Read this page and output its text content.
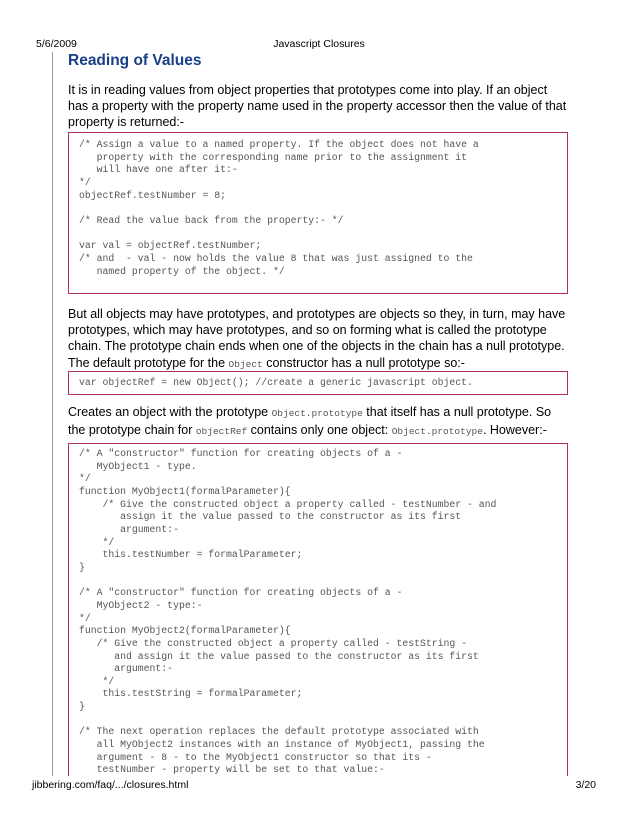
5/6/2009	Javascript Closures
Reading of Values

It is in reading values from object properties that prototypes come into play. If an object has a property with the property name used in the property accessor then the value of that property is returned:-

/* Assign a value to a named property. If the object does not have a
property with the corresponding name prior to the assignment it
will have one after it:-
*/
objectRef.testNumber = 8;

/* Read the value back from the property:- */

var val = objectRef.testNumber;
/* and  - val - now holds the value 8 that was just assigned to the
named property of the object. */

But all objects may have prototypes, and prototypes are objects so they, in turn, may have prototypes, which may have prototypes, and so on forming what is called the prototype chain. The prototype chain ends when one of the objects in the chain has a null prototype. The default prototype for the Object constructor has a null prototype so:-

var objectRef = new Object(); //create a generic javascript object.

Creates an object with the prototype Object.prototype that itself has a null prototype. So the prototype chain for objectRef contains only one object: Object.prototype. However:-

/* A "constructor" function for creating objects of a -
MyObject1 - type.
*/
function MyObject1(formalParameter){
/* Give the constructed object a property called - testNumber - and
assign it the value passed to the constructor as its first
argument:-
*/
this.testNumber = formalParameter;
}

/* A "constructor" function for creating objects of a -
MyObject2 - type:-
*/
function MyObject2(formalParameter){
/* Give the constructed object a property called - testString -
and assign it the value passed to the constructor as its first
argument:-
*/
this.testString = formalParameter;
}

/* The next operation replaces the default prototype associated with
all MyObject2 instances with an instance of MyObject1, passing the
argument - 8 - to the MyObject1 constructor so that its -
testNumber - property will be set to that value:-
jibbering.com/faq/.../closures.html	3/20
